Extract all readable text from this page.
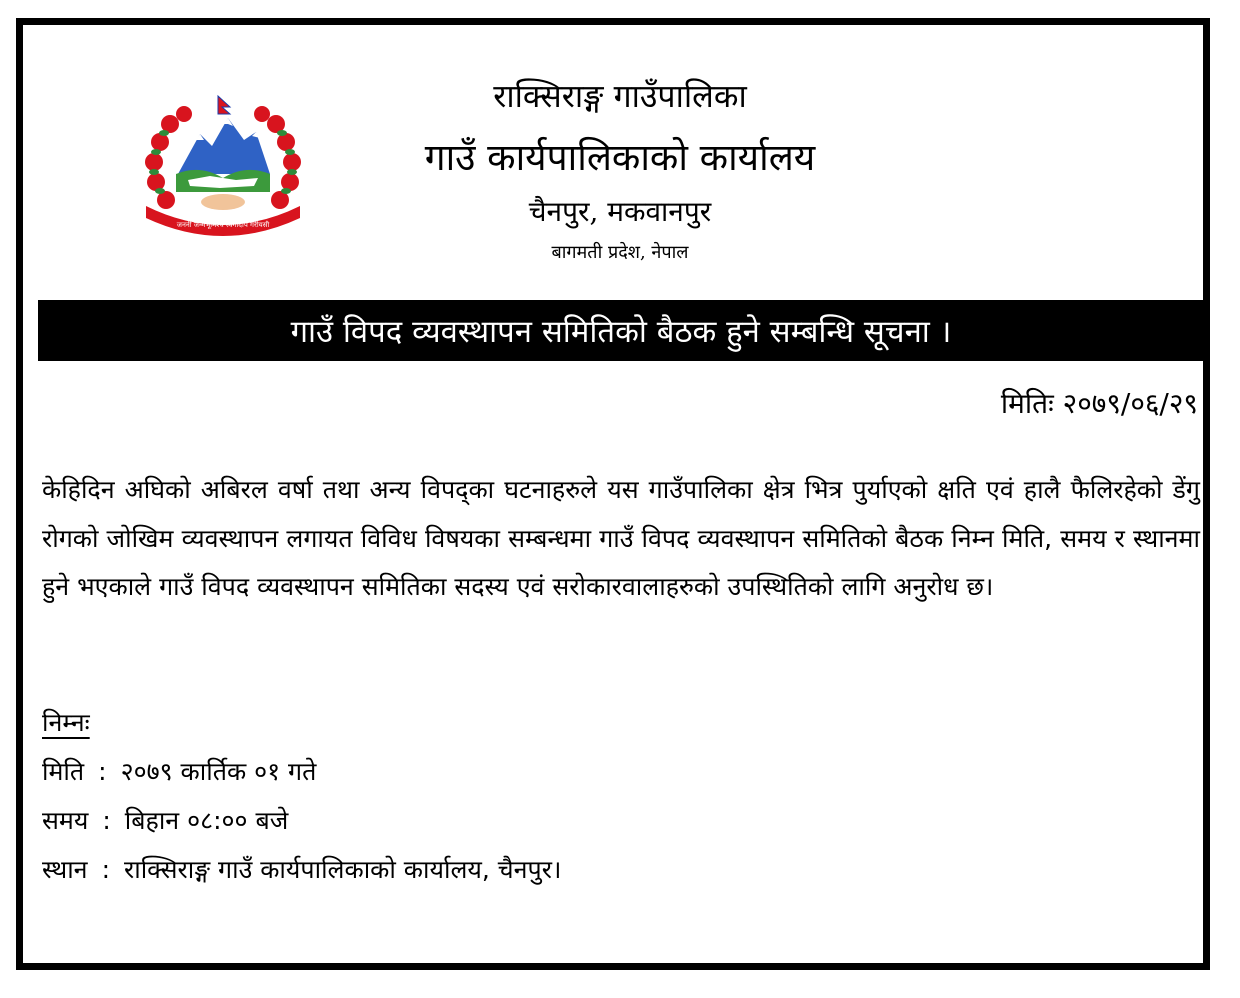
जननी जन्मभूमिश्च स्वर्गादपि गरीयसी
राक्सिराङ्ग गाउँपालिका
गाउँ कार्यपालिकाको कार्यालय
चैनपुर, मकवानपुर
बागमती प्रदेश, नेपाल
गाउँ विपद व्यवस्थापन समितिको बैठक हुने सम्बन्धि सूचना ।
मितिः २०७९/०६/२९
केहिदिन अघिको अबिरल वर्षा तथा अन्य विपद्का घटनाहरुले यस गाउँपालिका क्षेत्र भित्र पुर्याएको क्षति एवं हालै फैलिरहेको डेंगु रोगको जोखिम व्यवस्थापन लगायत विविध विषयका सम्बन्धमा गाउँ विपद व्यवस्थापन समितिको बैठक निम्न मिति, समय र स्थानमा हुने भएकाले गाउँ विपद व्यवस्थापन समितिका सदस्य एवं सरोकारवालाहरुको उपस्थितिको लागि अनुरोध छ।
निम्नः
मिति : २०७९ कार्तिक ०१ गते
समय : बिहान ०८:०० बजे
स्थान : राक्सिराङ्ग गाउँ कार्यपालिकाको कार्यालय, चैनपुर।
